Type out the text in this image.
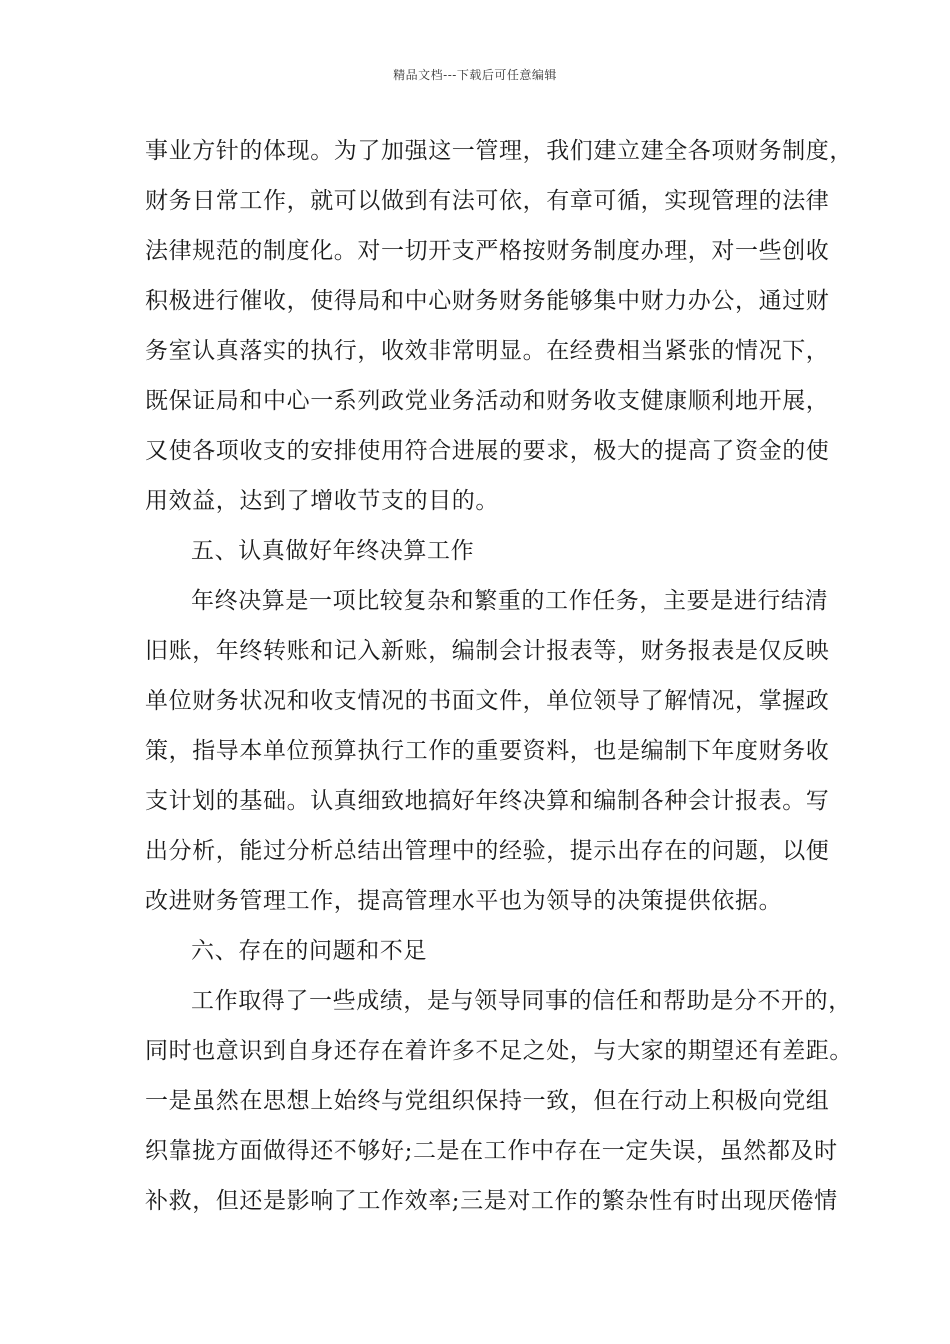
精品文档---下载后可任意编辑
事业方针的体现。为了加强这一管理，我们建立建全各项财务制度，
财务日常工作，就可以做到有法可依，有章可循，实现管理的法律
法律规范的制度化。对一切开支严格按财务制度办理，对一些创收
积极进行催收，使得局和中心财务财务能够集中财力办公，通过财
务室认真落实的执行，收效非常明显。在经费相当紧张的情况下，
既保证局和中心一系列政党业务活动和财务收支健康顺利地开展，
又使各项收支的安排使用符合进展的要求，极大的提高了资金的使
用效益，达到了增收节支的目的。
五、认真做好年终决算工作
年终决算是一项比较复杂和繁重的工作任务，主要是进行结清
旧账，年终转账和记入新账，编制会计报表等，财务报表是仅反映
单位财务状况和收支情况的书面文件，单位领导了解情况，掌握政
策，指导本单位预算执行工作的重要资料，也是编制下年度财务收
支计划的基础。认真细致地搞好年终决算和编制各种会计报表。写
出分析，能过分析总结出管理中的经验，提示出存在的问题，以便
改进财务管理工作，提高管理水平也为领导的决策提供依据。
六、存在的问题和不足
工作取得了一些成绩，是与领导同事的信任和帮助是分不开的，
同时也意识到自身还存在着许多不足之处，与大家的期望还有差距。
一是虽然在思想上始终与党组织保持一致，但在行动上积极向党组
织靠拢方面做得还不够好;二是在工作中存在一定失误，虽然都及时
补救，但还是影响了工作效率;三是对工作的繁杂性有时出现厌倦情
